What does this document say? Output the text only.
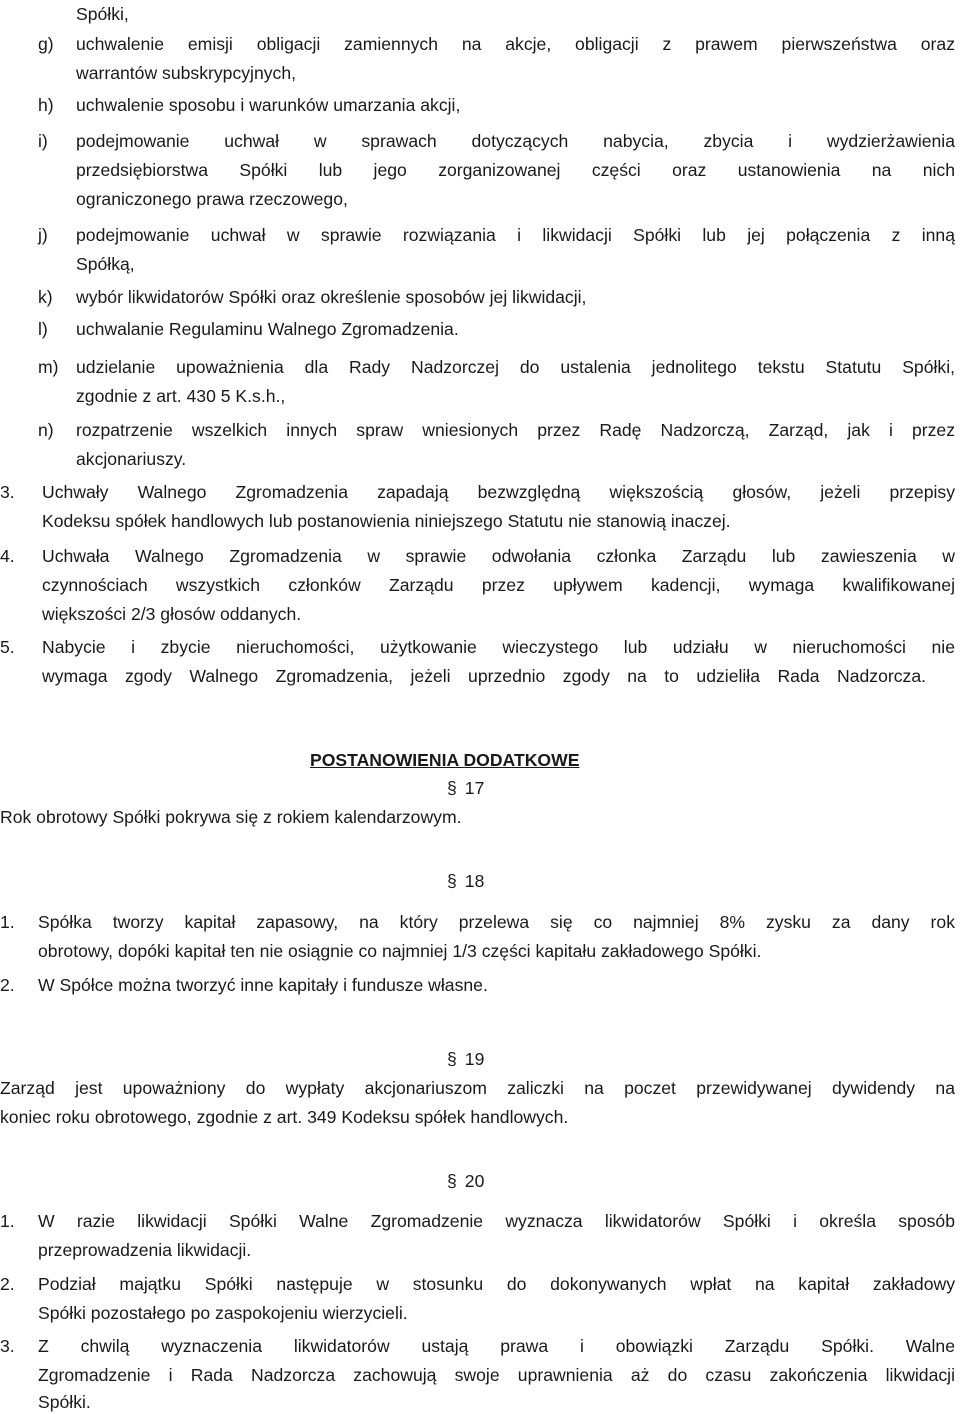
Spółki,
g) uchwalenie emisji obligacji zamiennych na akcje, obligacji z prawem pierwszeństwa oraz
warrantów subskrypcyjnych,
h) uchwalenie sposobu i warunków umarzania akcji,
i) podejmowanie uchwał w sprawach dotyczących nabycia, zbycia i wydzierżawienia
przedsiębiorstwa Spółki lub jego zorganizowanej części oraz ustanowienia na nich
ograniczonego prawa rzeczowego,
j) podejmowanie uchwał w sprawie rozwiązania i likwidacji Spółki lub jej połączenia z inną
Spółką,
k) wybór likwidatorów Spółki oraz określenie sposobów jej likwidacji,
l) uchwalanie Regulaminu Walnego Zgromadzenia.
m) udzielanie upoważnienia dla Rady Nadzorczej do ustalenia jednolitego tekstu Statutu Spółki,
zgodnie z art. 430 5 K.s.h.,
n) rozpatrzenie wszelkich innych spraw wniesionych przez Radę Nadzorczą, Zarząd, jak i przez
akcjonariuszy.
3. Uchwały Walnego Zgromadzenia zapadają bezwzględną większością głosów, jeżeli przepisy
Kodeksu spółek handlowych lub postanowienia niniejszego Statutu nie stanowią inaczej.
4. Uchwała Walnego Zgromadzenia w sprawie odwołania członka Zarządu lub zawieszenia w
czynnościach wszystkich członków Zarządu przez upływem kadencji, wymaga kwalifikowanej
większości 2/3 głosów oddanych.
5. Nabycie i zbycie nieruchomości, użytkowanie wieczystego lub udziału w nieruchomości nie
wymaga zgody Walnego Zgromadzenia, jeżeli uprzednio zgody na to udzieliła Rada Nadzorcza.
POSTANOWIENIA DODATKOWE
§ 17
Rok obrotowy Spółki pokrywa się z rokiem kalendarzowym.
§ 18
1. Spółka tworzy kapitał zapasowy, na który przelewa się co najmniej 8% zysku za dany rok
obrotowy, dopóki kapitał ten nie osiągnie co najmniej 1/3 części kapitału zakładowego Spółki.
2. W Spółce można tworzyć inne kapitały i fundusze własne.
§ 19
Zarząd jest upoważniony do wypłaty akcjonariuszom zaliczki na poczet przewidywanej dywidendy na
koniec roku obrotowego, zgodnie z art. 349 Kodeksu spółek handlowych.
§ 20
1. W razie likwidacji Spółki Walne Zgromadzenie wyznacza likwidatorów Spółki i określa sposób
przeprowadzenia likwidacji.
2. Podział majątku Spółki następuje w stosunku do dokonywanych wpłat na kapitał zakładowy
Spółki pozostałego po zaspokojeniu wierzycieli.
3. Z chwilą wyznaczenia likwidatorów ustają prawa i obowiązki Zarządu Spółki. Walne
Zgromadzenie i Rada Nadzorcza zachowują swoje uprawnienia aż do czasu zakończenia likwidacji
Spółki.
